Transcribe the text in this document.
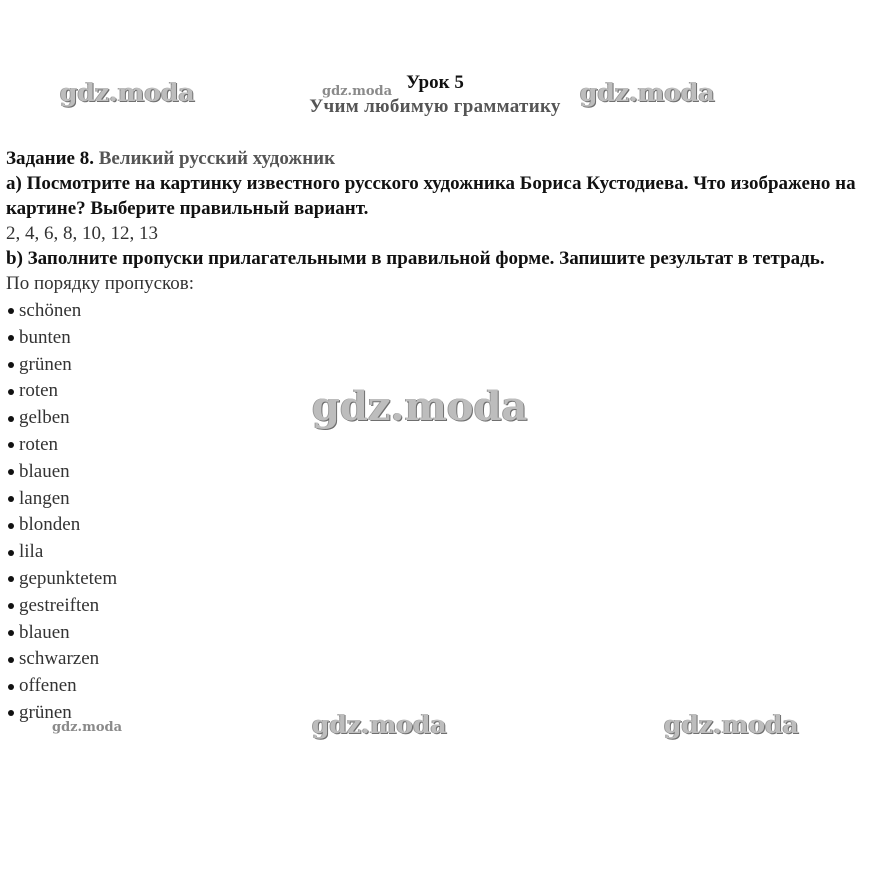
Урок 5
Учим любимую грамматику
Задание 8. Великий русский художник
a) Посмотрите на картинку известного русского художника Бориса Кустодиева. Что изображено на картине? Выберите правильный вариант.
2, 4, 6, 8, 10, 12, 13
b) Заполните пропуски прилагательными в правильной форме. Запишите результат в тетрадь.
По порядку пропусков:
schönen
bunten
grünen
roten
gelben
roten
blauen
langen
blonden
lila
gepunktetem
gestreiften
blauen
schwarzen
offenen
grünen
gdz.moda	gdz.moda	gdz.moda
gdz.moda
gdz.moda	gdz.moda	gdz.moda
